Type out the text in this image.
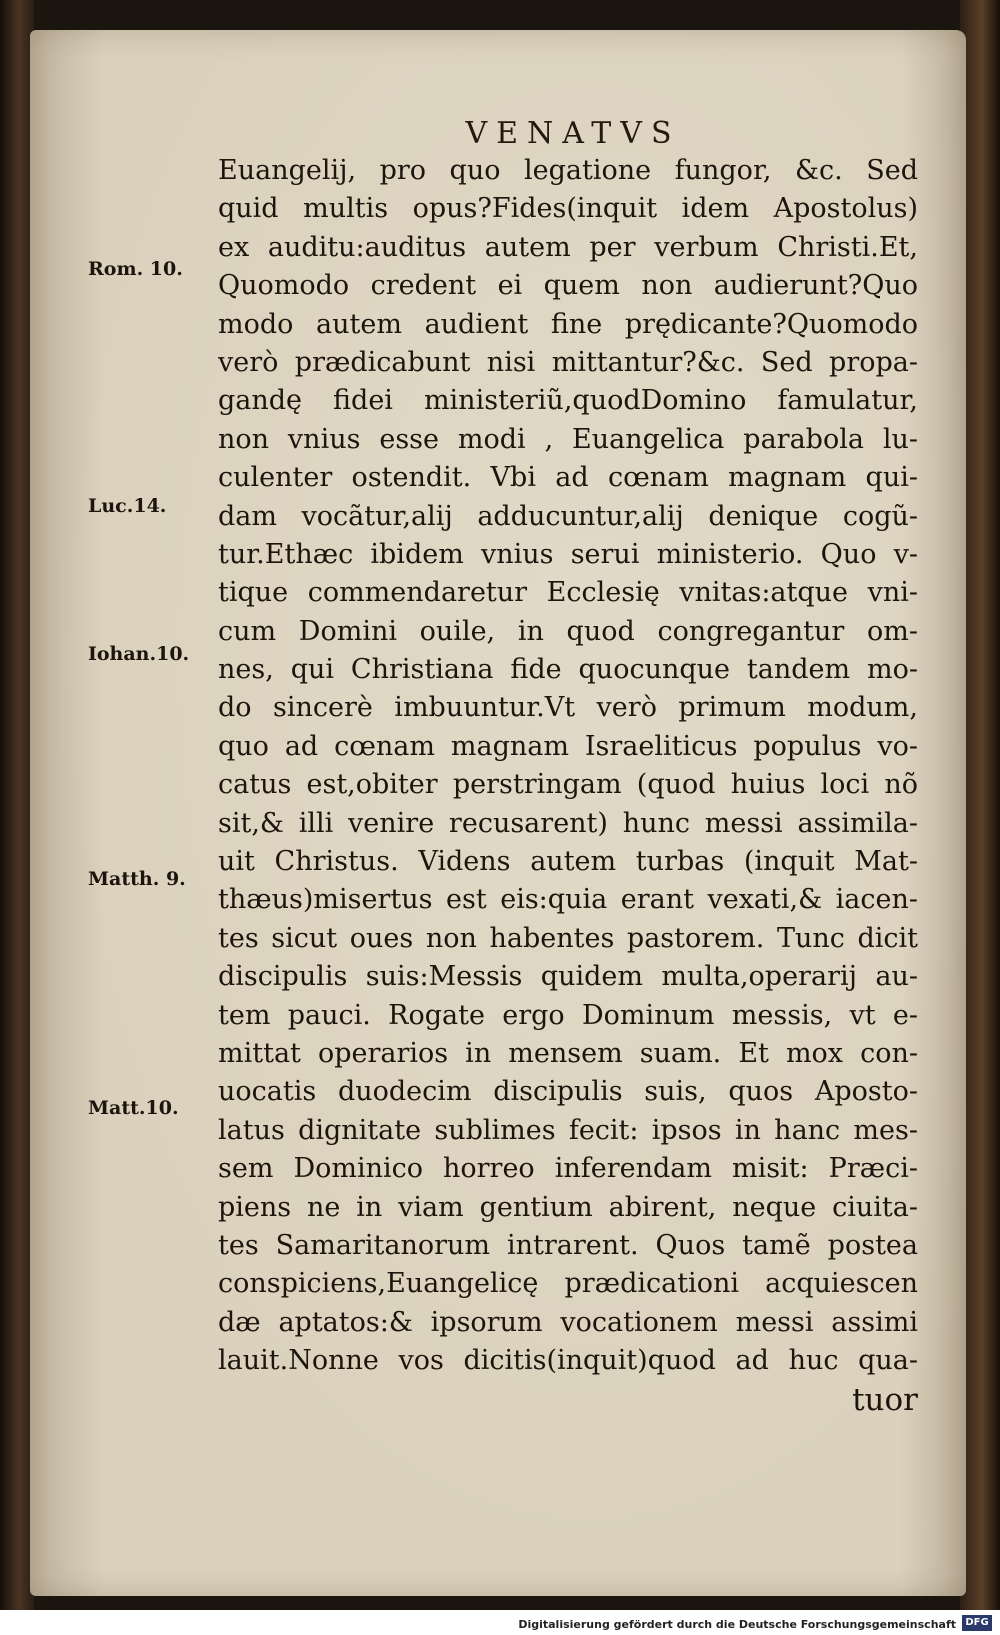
VENATVS
Rom. 10.
Luc.14.
Iohan.10.
Matth. 9.
Matt.10.
Euangelij, pro quo legatione fungor, &c. Sed
quid multis opus?Fides(inquit idem Apostolus)
ex auditu:auditus autem per verbum Christi.Et,
Quomodo credent ei quem non audierunt?Quo
modo autem audient fine prędicante?Quomodo
verò prædicabunt nisi mittantur?&c. Sed propa-
gandę fidei ministeriũ,quodDomino famulatur,
non vnius esse modi , Euangelica parabola lu-
culenter ostendit. Vbi ad cœnam magnam qui-
dam vocãtur,alij adducuntur,alij denique cogũ-
tur.Ethæc ibidem vnius serui ministerio. Quo v-
tique commendaretur Ecclesię vnitas:atque vni-
cum Domini ouile, in quod congregantur om-
nes, qui Christiana fide quocunque tandem mo-
do sincerè imbuuntur.Vt verò primum modum,
quo ad cœnam magnam Israeliticus populus vo-
catus est,obiter perstringam (quod huius loci nõ
sit,& illi venire recusarent) hunc messi assimila-
uit Christus. Videns autem turbas (inquit Mat-
thæus)misertus est eis:quia erant vexati,& iacen-
tes sicut oues non habentes pastorem. Tunc dicit
discipulis suis:Messis quidem multa,operarij au-
tem pauci. Rogate ergo Dominum messis, vt e-
mittat operarios in mensem suam. Et mox con-
uocatis duodecim discipulis suis, quos Aposto-
latus dignitate sublimes fecit: ipsos in hanc mes-
sem Dominico horreo inferendam misit: Præci-
piens ne in viam gentium abirent, neque ciuita-
tes Samaritanorum intrarent. Quos tamẽ postea
conspiciens,Euangelicę prædicationi acquiescen
dæ aptatos:& ipsorum vocationem messi assimi
lauit.Nonne vos dicitis(inquit)quod ad huc qua-
tuor
Digitalisierung gefördert durch die Deutsche Forschungsgemeinschaft DFG
